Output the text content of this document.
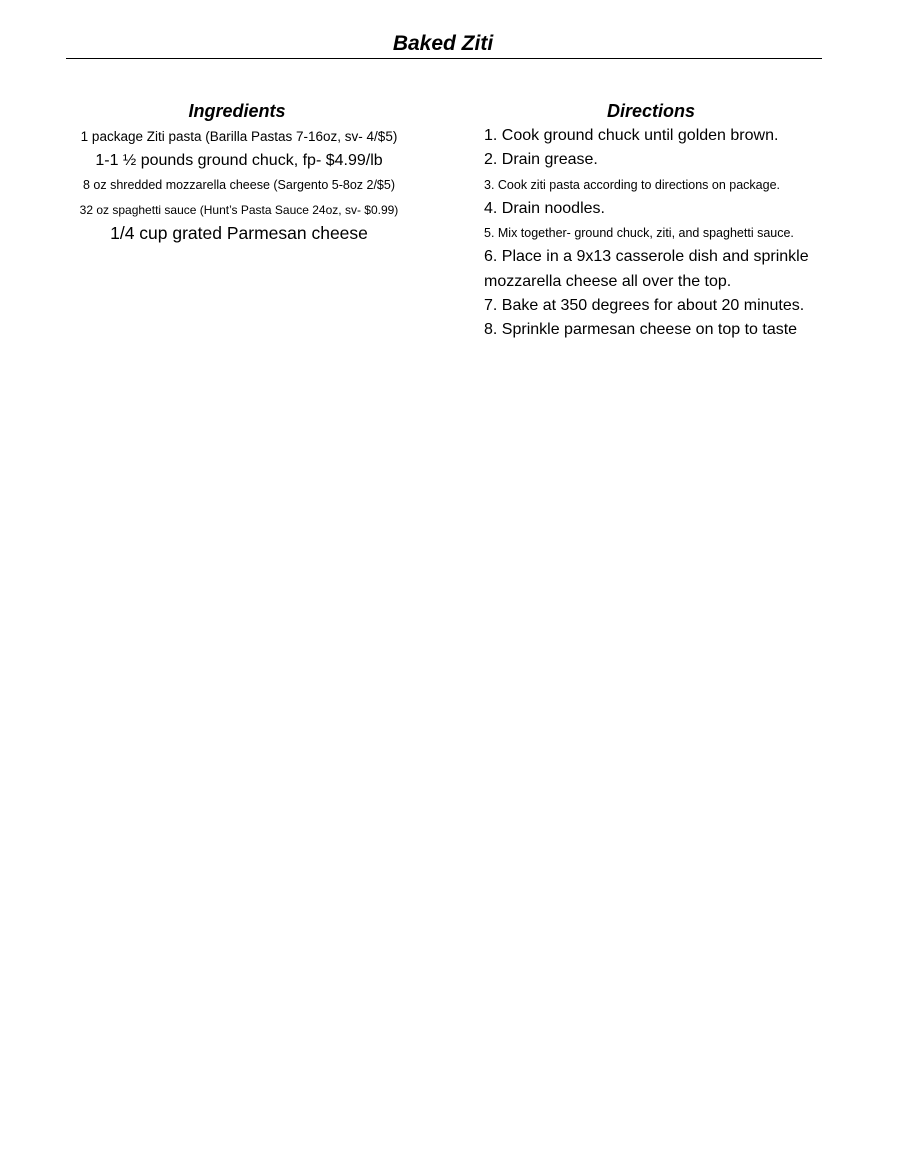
Baked Ziti
Ingredients
1 package Ziti pasta (Barilla Pastas 7-16oz, sv- 4/$5)
1-1 ½ pounds ground chuck, fp- $4.99/lb
8 oz shredded mozzarella cheese (Sargento 5-8oz 2/$5)
32 oz spaghetti sauce (Hunt’s Pasta Sauce 24oz, sv- $0.99)
1/4 cup grated Parmesan cheese
Directions
1. Cook ground chuck until golden brown.
2. Drain grease.
3. Cook ziti pasta according to directions on package.
4. Drain noodles.
5. Mix together- ground chuck, ziti, and spaghetti sauce.
6. Place in a 9x13 casserole dish and sprinkle mozzarella cheese all over the top.
7. Bake at 350 degrees for about 20 minutes.
8. Sprinkle parmesan cheese on top to taste
